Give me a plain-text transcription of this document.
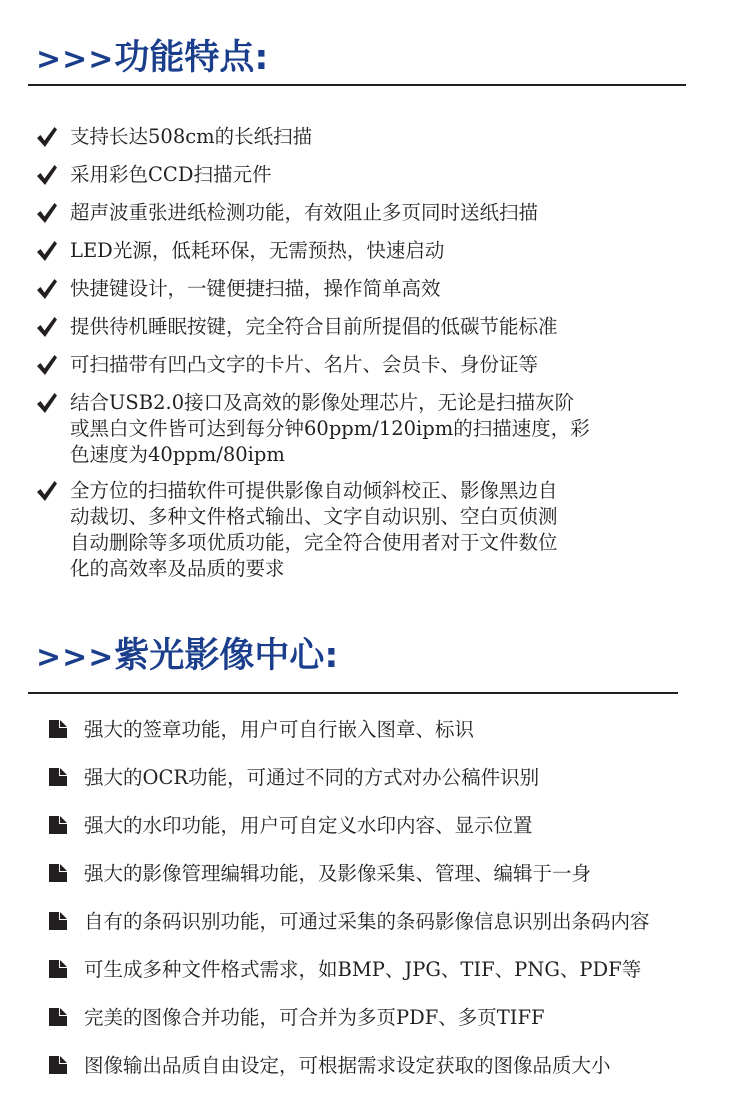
>>>功能特点:
支持长达508cm的长纸扫描
采用彩色CCD扫描元件
超声波重张进纸检测功能，有效阻止多页同时送纸扫描
LED光源，低耗环保，无需预热，快速启动
快捷键设计，一键便捷扫描，操作简单高效
提供待机睡眠按键，完全符合目前所提倡的低碳节能标准
可扫描带有凹凸文字的卡片、名片、会员卡、身份证等
结合USB2.0接口及高效的影像处理芯片，无论是扫描灰阶
或黑白文件皆可达到每分钟60ppm/120ipm的扫描速度，彩
色速度为40ppm/80ipm
全方位的扫描软件可提供影像自动倾斜校正、影像黑边自
动裁切、多种文件格式输出、文字自动识别、空白页侦测
自动删除等多项优质功能，完全符合使用者对于文件数位
化的高效率及品质的要求
>>>紫光影像中心:
强大的签章功能，用户可自行嵌入图章、标识
强大的OCR功能，可通过不同的方式对办公稿件识别
强大的水印功能，用户可自定义水印内容、显示位置
强大的影像管理编辑功能，及影像采集、管理、编辑于一身
自有的条码识别功能，可通过采集的条码影像信息识别出条码内容
可生成多种文件格式需求，如BMP、JPG、TIF、PNG、PDF等
完美的图像合并功能，可合并为多页PDF、多页TIFF
图像输出品质自由设定，可根据需求设定获取的图像品质大小
